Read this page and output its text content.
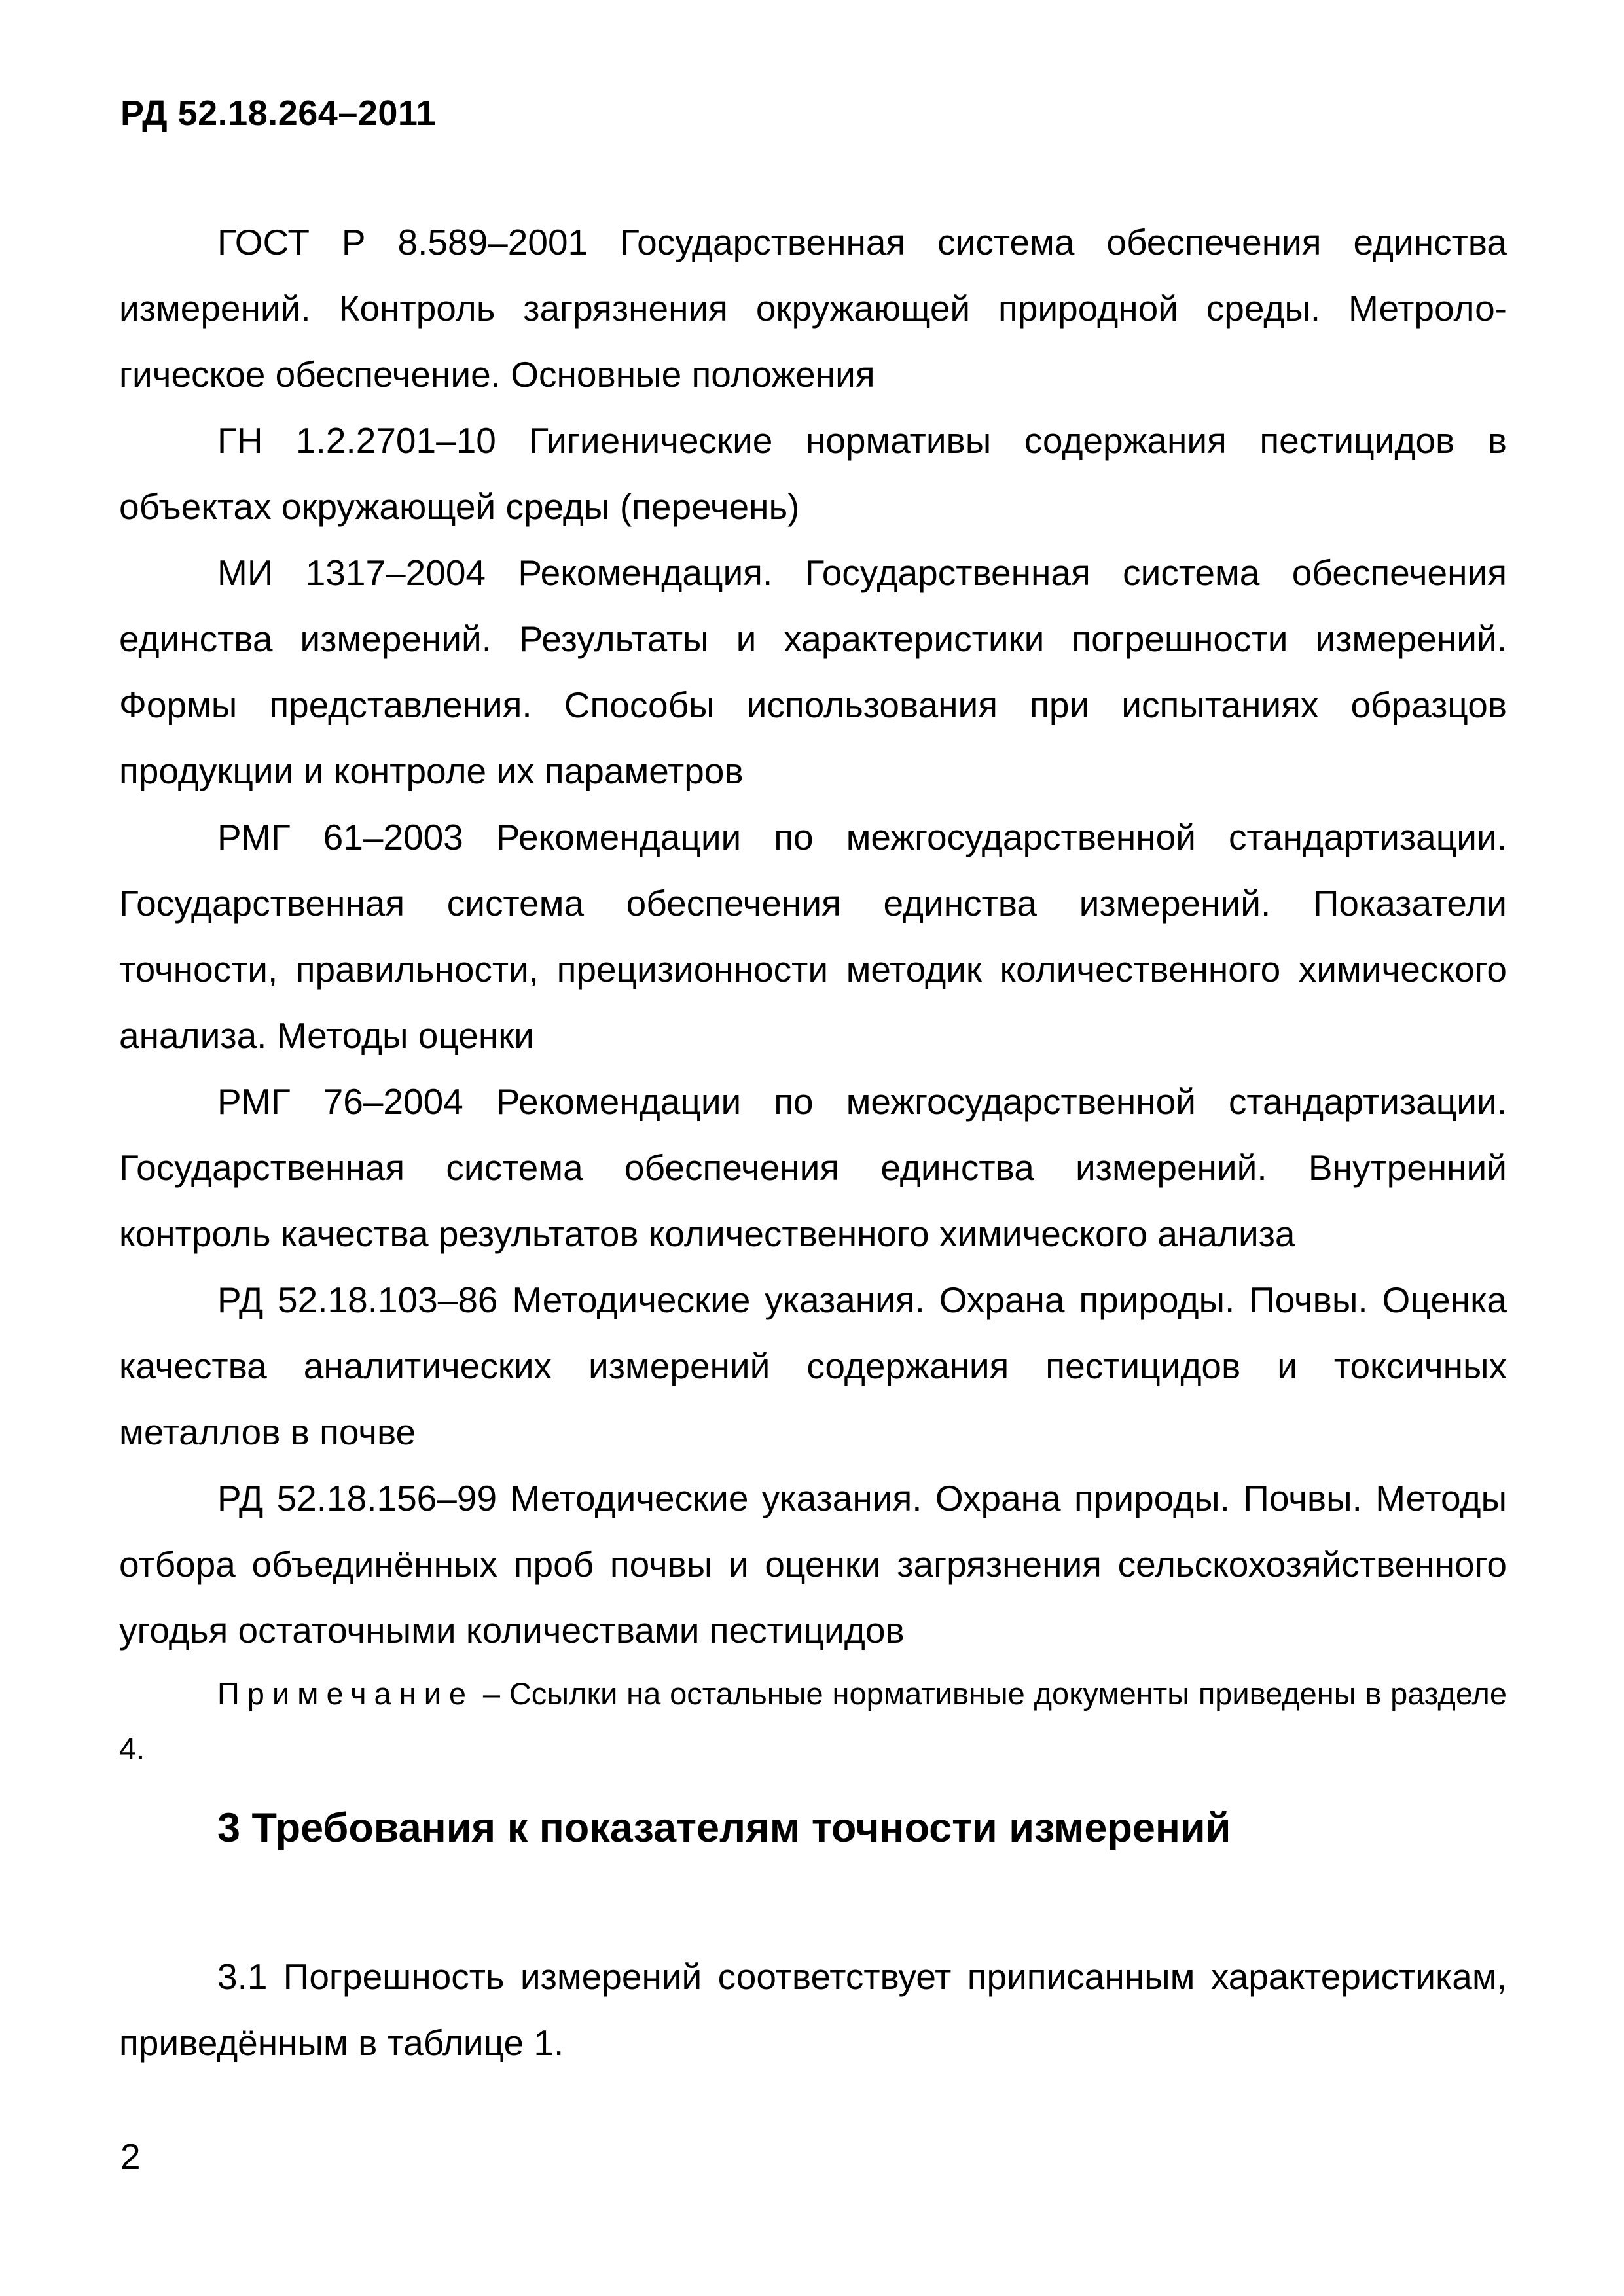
РД 52.18.264–2011

ГОСТ Р 8.589–2001 Государственная система обеспечения единства измерений. Контроль загрязнения окружающей природной среды. Метрологическое обеспечение. Основные положения

ГН 1.2.2701–10 Гигиенические нормативы содержания пестицидов в объектах окружающей среды (перечень)

МИ 1317–2004 Рекомендация. Государственная система обеспечения единства измерений. Результаты и характеристики погрешности измерений. Формы представления. Способы использования при испытаниях образцов продукции и контроле их параметров

РМГ 61–2003 Рекомендации по межгосударственной стандартизации. Государственная система обеспечения единства измерений. Показатели точности, правильности, прецизионности методик количественного химического анализа. Методы оценки

РМГ 76–2004 Рекомендации по межгосударственной стандартизации. Государственная система обеспечения единства измерений. Внутренний контроль качества результатов количественного химического анализа

РД 52.18.103–86 Методические указания. Охрана природы. Почвы. Оценка качества аналитических измерений содержания пестицидов и токсичных металлов в почве

РД 52.18.156–99 Методические указания. Охрана природы. Почвы. Методы отбора объединённых проб почвы и оценки загрязнения сельскохозяйственного угодья остаточными количествами пестицидов

Примечание – Ссылки на остальные нормативные документы приведены в разделе 4.

3 Требования к показателям точности измерений

3.1 Погрешность измерений соответствует приписанным характеристикам, приведённым в таблице 1.

2
